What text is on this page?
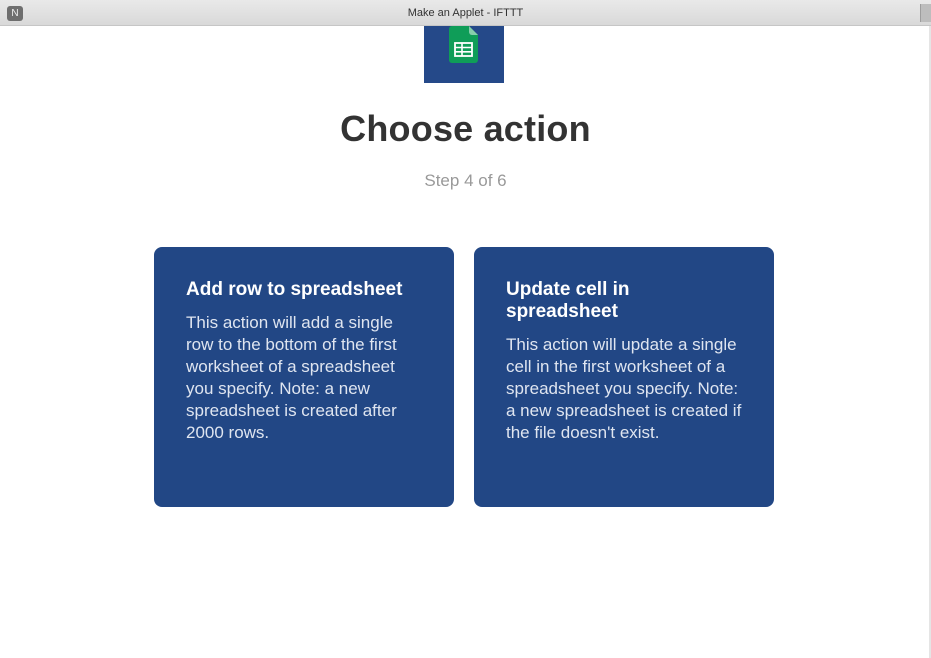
N	Make an Applet - IFTTT
Choose action
Step 4 of 6

Add row to spreadsheet

This action will add a single row to the bottom of the first worksheet of a spreadsheet you specify. Note: a new spreadsheet is created after 2000 rows.

Update cell in spreadsheet

This action will update a single cell in the first worksheet of a spreadsheet you specify. Note: a new spreadsheet is created if the file doesn't exist.
